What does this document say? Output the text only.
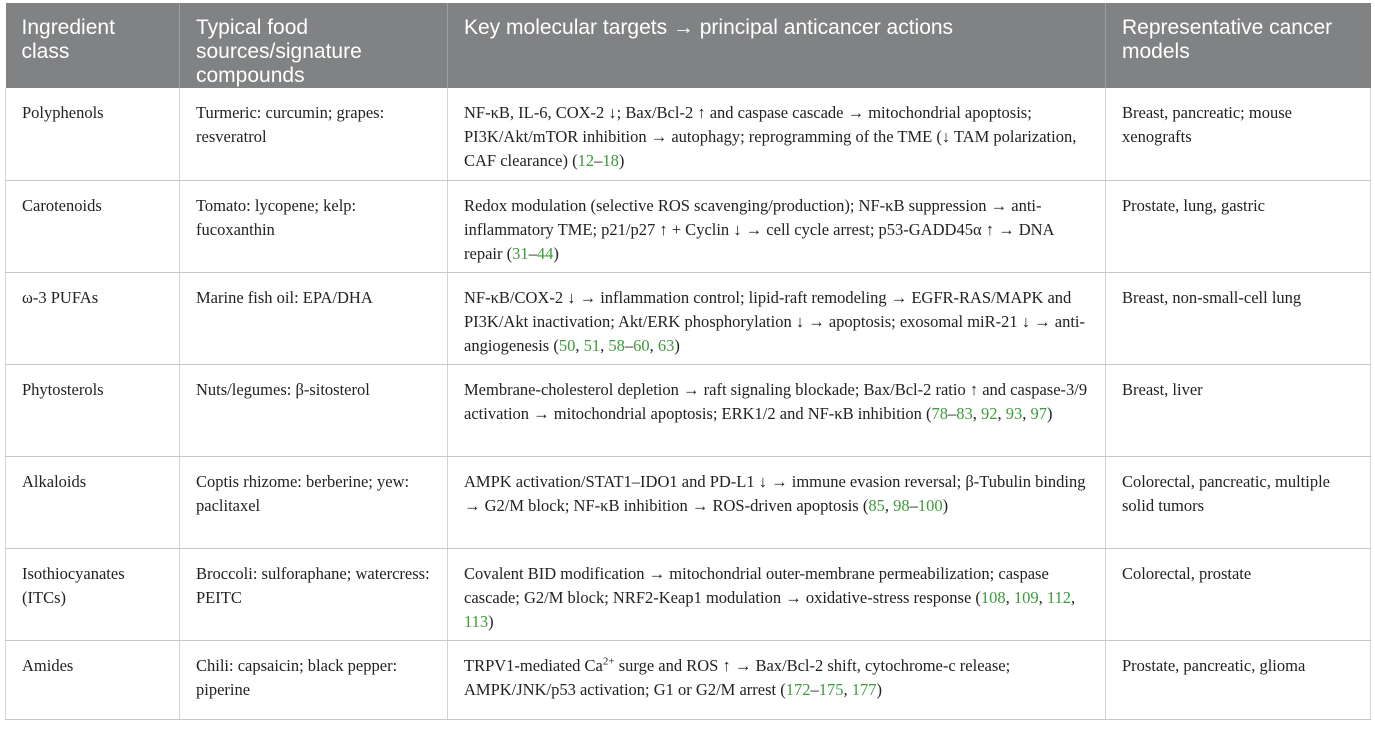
Ingredient class	Typical food sources/signature compounds	Key molecular targets → principal anticancer actions	Representative cancer models
Polyphenols	Turmeric: curcumin; grapes: resveratrol	NF-κB, IL-6, COX-2 ↓; Bax/Bcl-2 ↑ and caspase cascade → mitochondrial apoptosis; PI3K/Akt/mTOR inhibition → autophagy; reprogramming of the TME (↓ TAM polarization, CAF clearance) (12–18)	Breast, pancreatic; mouse xenografts
Carotenoids	Tomato: lycopene; kelp: fucoxanthin	Redox modulation (selective ROS scavenging/production); NF-κB suppression → anti-inflammatory TME; p21/p27 ↑ + Cyclin ↓ → cell cycle arrest; p53-GADD45α ↑ → DNA repair (31–44)	Prostate, lung, gastric
ω-3 PUFAs	Marine fish oil: EPA/DHA	NF-κB/COX-2 ↓ → inflammation control; lipid-raft remodeling → EGFR-RAS/MAPK and PI3K/Akt inactivation; Akt/ERK phosphorylation ↓ → apoptosis; exosomal miR-21 ↓ → anti-angiogenesis (50, 51, 58–60, 63)	Breast, non-small-cell lung
Phytosterols	Nuts/legumes: β-sitosterol	Membrane-cholesterol depletion → raft signaling blockade; Bax/Bcl-2 ratio ↑ and caspase-3/9 activation → mitochondrial apoptosis; ERK1/2 and NF-κB inhibition (78–83, 92, 93, 97)	Breast, liver
Alkaloids	Coptis rhizome: berberine; yew: paclitaxel	AMPK activation/STAT1–IDO1 and PD-L1 ↓ → immune evasion reversal; β-Tubulin binding → G2/M block; NF-κB inhibition → ROS-driven apoptosis (85, 98–100)	Colorectal, pancreatic, multiple solid tumors
Isothiocyanates (ITCs)	Broccoli: sulforaphane; watercress: PEITC	Covalent BID modification → mitochondrial outer-membrane permeabilization; caspase cascade; G2/M block; NRF2-Keap1 modulation → oxidative-stress response (108, 109, 112, 113)	Colorectal, prostate
Amides	Chili: capsaicin; black pepper: piperine	TRPV1-mediated $Ca^{2+}$ surge and ROS ↑ → Bax/Bcl-2 shift, cytochrome-c release; AMPK/JNK/p53 activation; G1 or G2/M arrest (172–175, 177)	Prostate, pancreatic, glioma
